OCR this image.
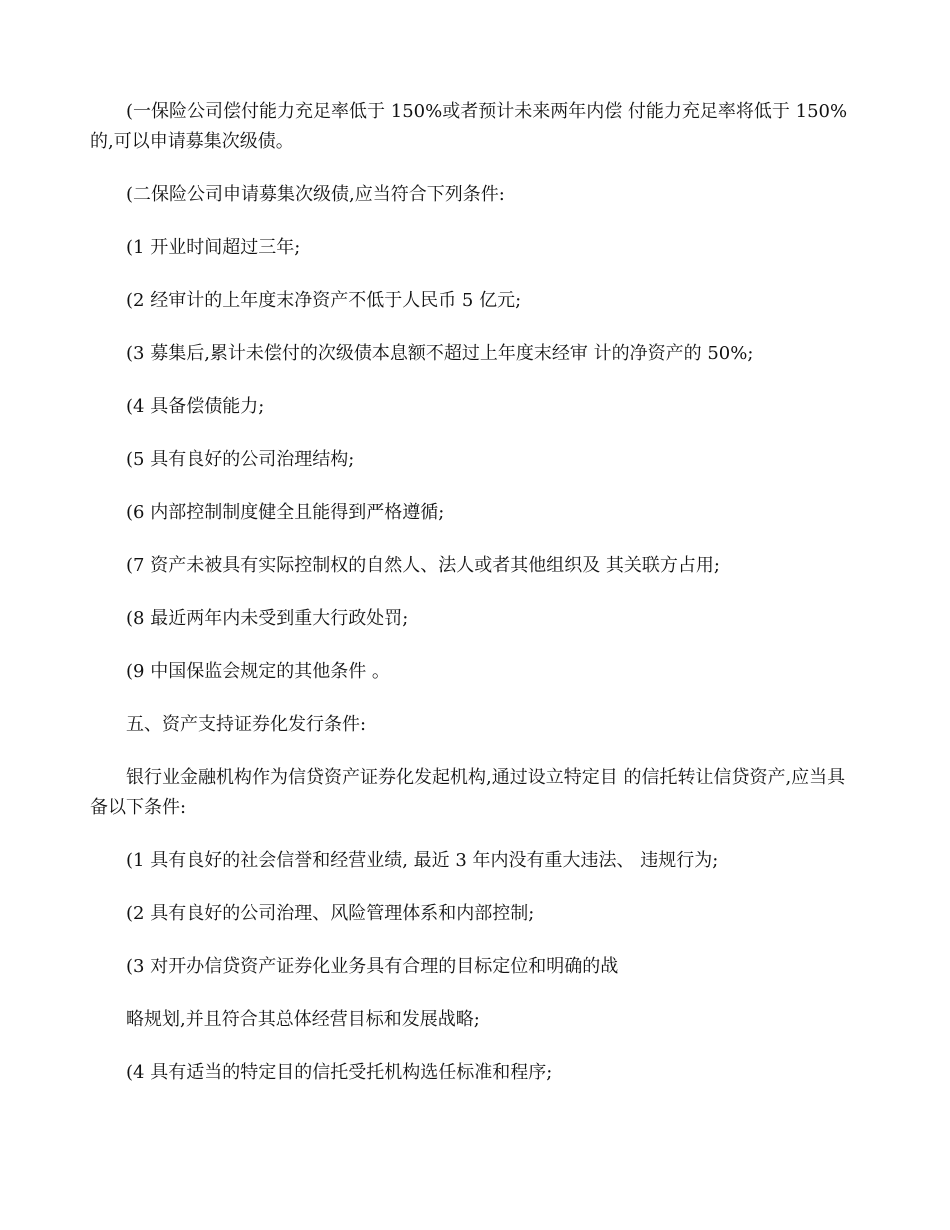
(一保险公司偿付能力充足率低于 150%或者预计未来两年内偿 付能力充足率将低于 150%的,可以申请募集次级债。

(二保险公司申请募集次级债,应当符合下列条件:

(1 开业时间超过三年;

(2 经审计的上年度末净资产不低于人民币 5 亿元;

(3 募集后,累计未偿付的次级债本息额不超过上年度末经审 计的净资产的 50%;

(4 具备偿债能力;

(5 具有良好的公司治理结构;

(6 内部控制制度健全且能得到严格遵循;

(7 资产未被具有实际控制权的自然人、法人或者其他组织及 其关联方占用;

(8 最近两年内未受到重大行政处罚;

(9 中国保监会规定的其他条件 。

五、资产支持证券化发行条件:

银行业金融机构作为信贷资产证券化发起机构,通过设立特定目 的信托转让信贷资产,应当具备以下条件:

(1 具有良好的社会信誉和经营业绩, 最近 3 年内没有重大违法、 违规行为;

(2 具有良好的公司治理、风险管理体系和内部控制;

(3 对开办信贷资产证券化业务具有合理的目标定位和明确的战

略规划,并且符合其总体经营目标和发展战略;

(4 具有适当的特定目的信托受托机构选任标准和程序;
